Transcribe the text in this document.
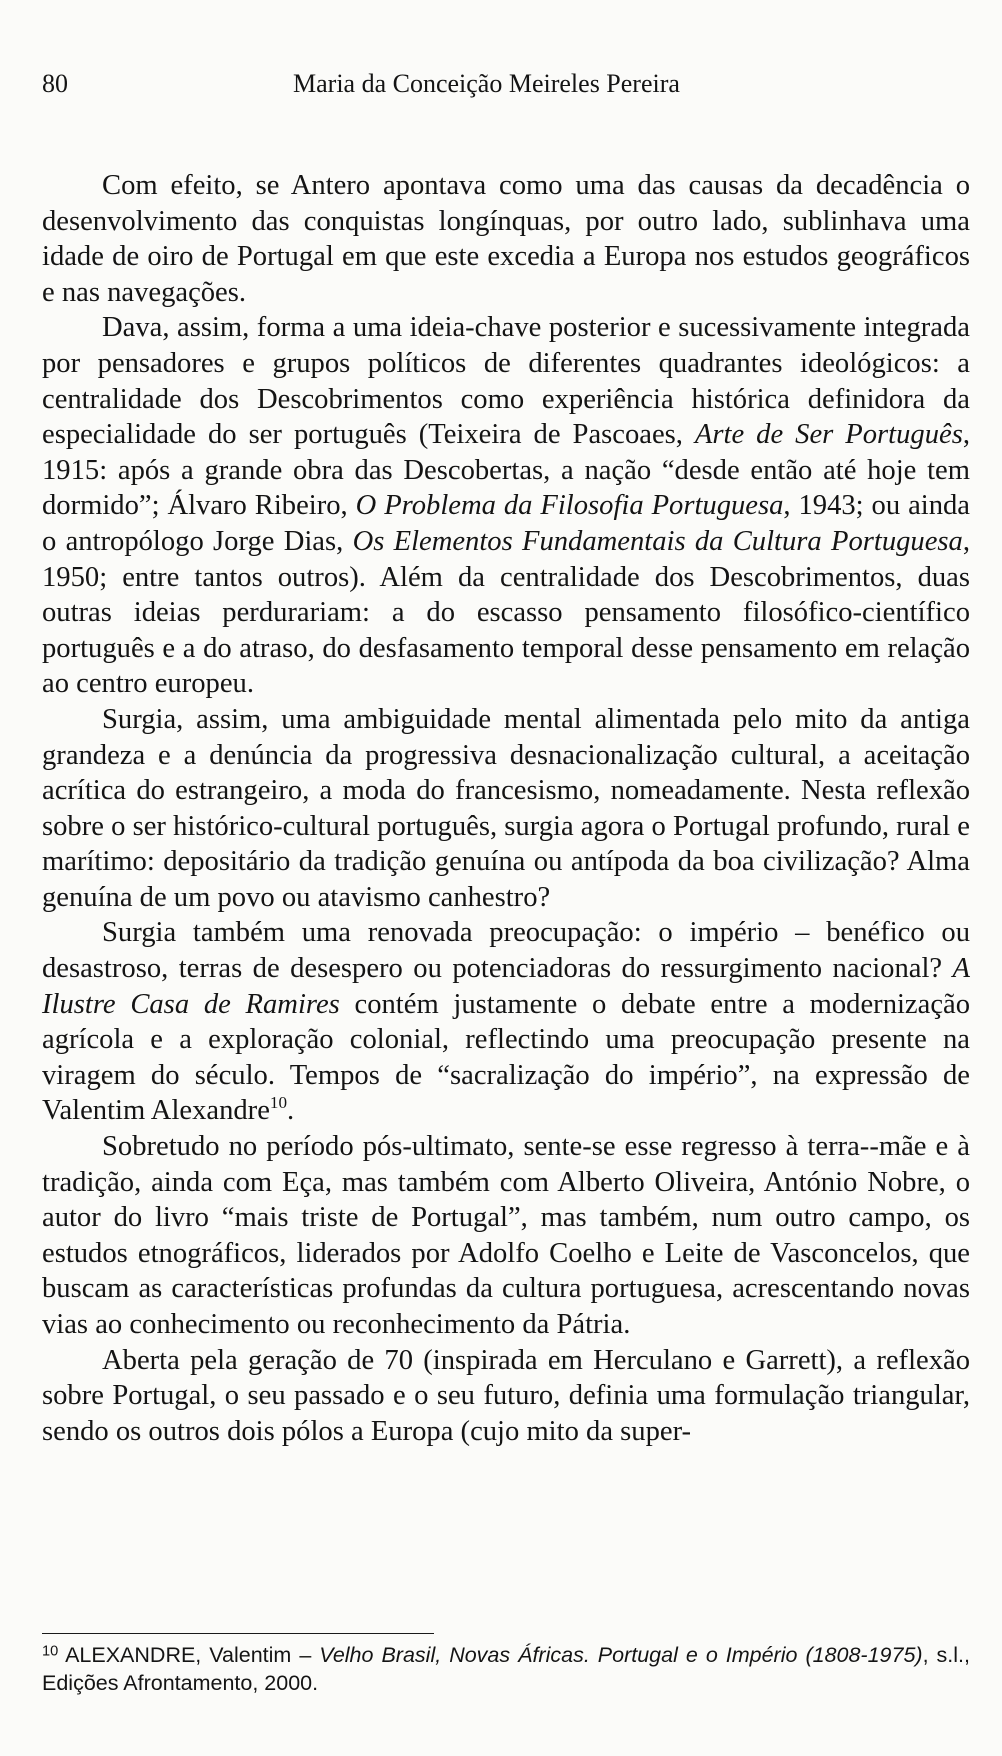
80	Maria da Conceição Meireles Pereira

Com efeito, se Antero apontava como uma das causas da decadência o desenvolvimento das conquistas longínquas, por outro lado, sublinhava uma idade de oiro de Portugal em que este excedia a Europa nos estudos geográficos e nas navegações.

Dava, assim, forma a uma ideia-chave posterior e sucessivamente integrada por pensadores e grupos políticos de diferentes quadrantes ideológicos: a centralidade dos Descobrimentos como experiência histórica definidora da especialidade do ser português (Teixeira de Pascoaes, Arte de Ser Português, 1915: após a grande obra das Descobertas, a nação “desde então até hoje tem dormido”; Álvaro Ribeiro, O Problema da Filosofia Portuguesa, 1943; ou ainda o antropólogo Jorge Dias, Os Elementos Fundamentais da Cultura Portuguesa, 1950; entre tantos outros). Além da centralidade dos Descobrimentos, duas outras ideias perdurariam: a do escasso pensamento filosófico-científico português e a do atraso, do desfasamento temporal desse pensamento em relação ao centro europeu.

Surgia, assim, uma ambiguidade mental alimentada pelo mito da antiga grandeza e a denúncia da progressiva desnacionalização cultural, a aceitação acrítica do estrangeiro, a moda do francesismo, nomeadamente. Nesta reflexão sobre o ser histórico-cultural português, surgia agora o Portugal profundo, rural e marítimo: depositário da tradição genuína ou antípoda da boa civilização? Alma genuína de um povo ou atavismo canhestro?

Surgia também uma renovada preocupação: o império – benéfico ou desastroso, terras de desespero ou potenciadoras do ressurgimento nacional? A Ilustre Casa de Ramires contém justamente o debate entre a modernização agrícola e a exploração colonial, reflectindo uma preocupação presente na viragem do século. Tempos de “sacralização do império”, na expressão de Valentim Alexandre$^{10}$.

Sobretudo no período pós-ultimato, sente-se esse regresso à terra--mãe e à tradição, ainda com Eça, mas também com Alberto Oliveira, António Nobre, o autor do livro “mais triste de Portugal”, mas também, num outro campo, os estudos etnográficos, liderados por Adolfo Coelho e Leite de Vasconcelos, que buscam as características profundas da cultura portuguesa, acrescentando novas vias ao conhecimento ou reconhecimento da Pátria.

Aberta pela geração de 70 (inspirada em Herculano e Garrett), a reflexão sobre Portugal, o seu passado e o seu futuro, definia uma formulação triangular, sendo os outros dois pólos a Europa (cujo mito da super-

$^{10}$ ALEXANDRE, Valentim – Velho Brasil, Novas Áfricas. Portugal e o Império (1808-1975), s.l., Edições Afrontamento, 2000.
